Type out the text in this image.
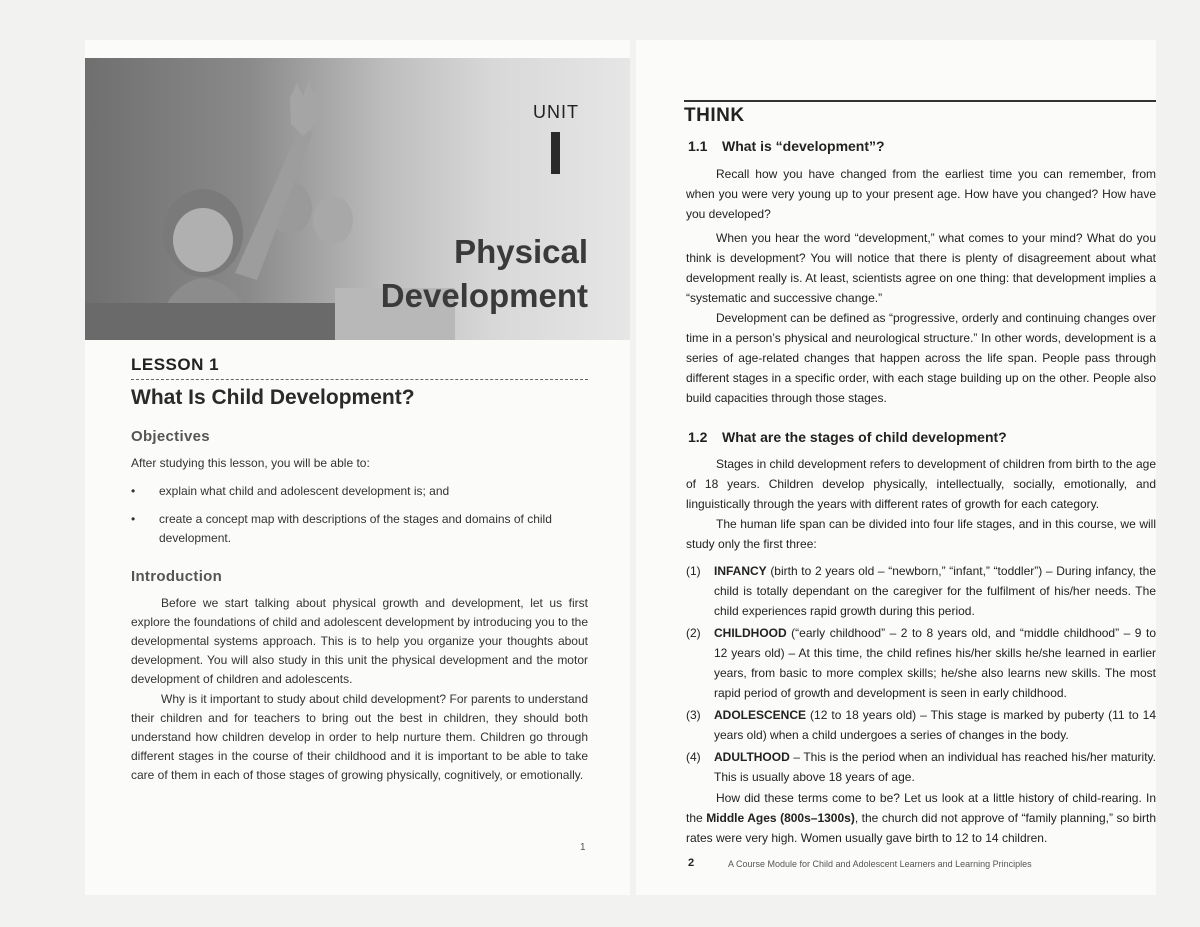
UNIT
Physical
Development
LESSON 1
What Is Child Development?
Objectives

After studying this lesson, you will be able to:

• explain what child and adolescent development is; and
• create a concept map with descriptions of the stages and domains of child development.
Introduction

Before we start talking about physical growth and development, let us first explore the foundations of child and adolescent development by introducing you to the developmental systems approach. This is to help you organize your thoughts about development. You will also study in this unit the physical development and the motor development of children and adolescents.

Why is it important to study about child development? For parents to understand their children and for teachers to bring out the best in children, they should both understand how children develop in order to help nurture them. Children go through different stages in the course of their childhood and it is important to be able to take care of them in each of those stages of growing physically, cognitively, or emotionally.

1
THINK
1.1 What is “development”?

Recall how you have changed from the earliest time you can remember, from when you were very young up to your present age. How have you changed? How have you developed?

When you hear the word “development,” what comes to your mind? What do you think is development? You will notice that there is plenty of disagreement about what development really is. At least, scientists agree on one thing: that development implies a “systematic and successive change.”

Development can be defined as “progressive, orderly and continuing changes over time in a person’s physical and neurological structure.” In other words, development is a series of age-related changes that happen across the life span. People pass through different stages in a specific order, with each stage building up on the other. People also build capacities through those stages.

1.2 What are the stages of child development?

Stages in child development refers to development of children from birth to the age of 18 years. Children develop physically, intellectually, socially, emotionally, and linguistically through the years with different rates of growth for each category.

The human life span can be divided into four life stages, and in this course, we will study only the first three:

(1) INFANCY (birth to 2 years old – “newborn,” “infant,” “toddler”) – During infancy, the child is totally dependant on the caregiver for the fulfilment of his/her needs. The child experiences rapid growth during this period.
(2) CHILDHOOD (“early childhood” – 2 to 8 years old, and “middle childhood” – 9 to 12 years old) – At this time, the child refines his/her skills he/she learned in earlier years, from basic to more complex skills; he/she also learns new skills. The most rapid period of growth and development is seen in early childhood.
(3) ADOLESCENCE (12 to 18 years old) – This stage is marked by puberty (11 to 14 years old) when a child undergoes a series of changes in the body.
(4) ADULTHOOD – This is the period when an individual has reached his/her maturity. This is usually above 18 years of age.

How did these terms come to be? Let us look at a little history of child-rearing. In the Middle Ages (800s–1300s), the church did not approve of “family planning,” so birth rates were very high. Women usually gave birth to 12 to 14 children.

2	A Course Module for Child and Adolescent Learners and Learning Principles
